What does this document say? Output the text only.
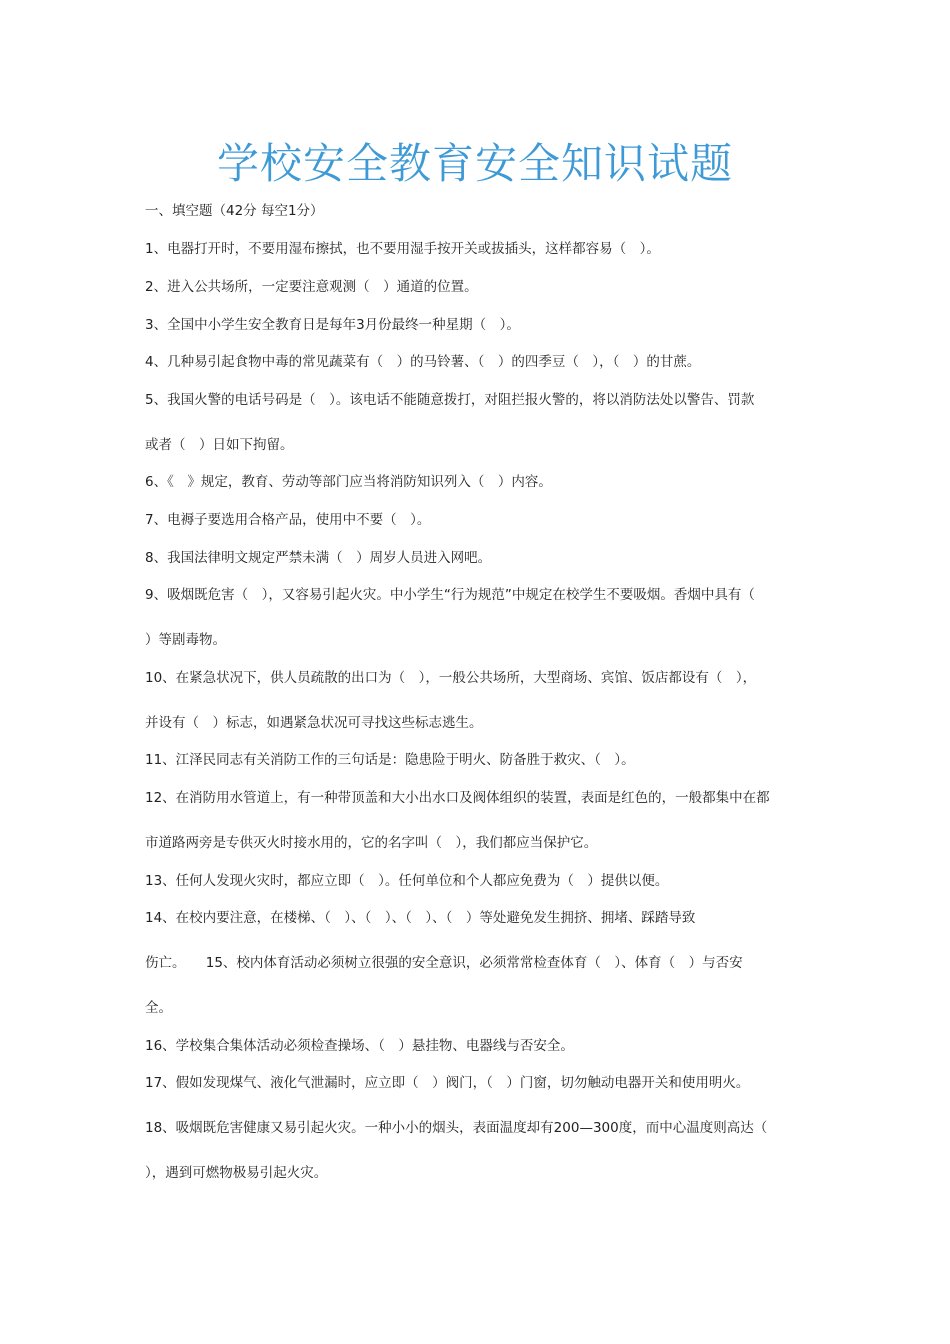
学校安全教育安全知识试题
一、填空题（42分 每空1分）
1、电器打开时，不要用湿布擦拭，也不要用湿手按开关或拔插头，这样都容易（　）。
2、进入公共场所，一定要注意观测（　）通道的位置。
3、全国中小学生安全教育日是每年3月份最终一种星期（　）。
4、几种易引起食物中毒的常见蔬菜有（　）的马铃薯、（　）的四季豆（　），（　）的甘蔗。
5、我国火警的电话号码是（　）。该电话不能随意拨打，对阻拦报火警的，将以消防法处以警告、罚款
或者（　）日如下拘留。
6、《　》规定，教育、劳动等部门应当将消防知识列入（　）内容。
7、电褥子要选用合格产品，使用中不要（　）。
8、我国法律明文规定严禁未满（　）周岁人员进入网吧。
9、吸烟既危害（　），又容易引起火灾。中小学生“行为规范”中规定在校学生不要吸烟。香烟中具有（
）等剧毒物。
10、在紧急状况下，供人员疏散的出口为（　），一般公共场所，大型商场、宾馆、饭店都设有（　），
并设有（　）标志，如遇紧急状况可寻找这些标志逃生。
11、江泽民同志有关消防工作的三句话是：隐患险于明火、防备胜于救灾、（　）。
12、在消防用水管道上，有一种带顶盖和大小出水口及阀体组织的装置，表面是红色的，一般都集中在都
市道路两旁是专供灭火时接水用的，它的名字叫（　），我们都应当保护它。
13、任何人发现火灾时，都应立即（　）。任何单位和个人都应免费为（　）提供以便。
14、在校内要注意，在楼梯、（　）、（　）、（　）、（　）等处避免发生拥挤、拥堵、踩踏导致
伤亡。　　15、校内体育活动必须树立很强的安全意识，必须常常检查体育（　）、体育（　）与否安
全。
16、学校集合集体活动必须检查操场、（　）悬挂物、电器线与否安全。
17、假如发现煤气、液化气泄漏时，应立即（　）阀门，（　）门窗，切勿触动电器开关和使用明火。
18、吸烟既危害健康又易引起火灾。一种小小的烟头，表面温度却有200—300度，而中心温度则高达（
），遇到可燃物极易引起火灾。
